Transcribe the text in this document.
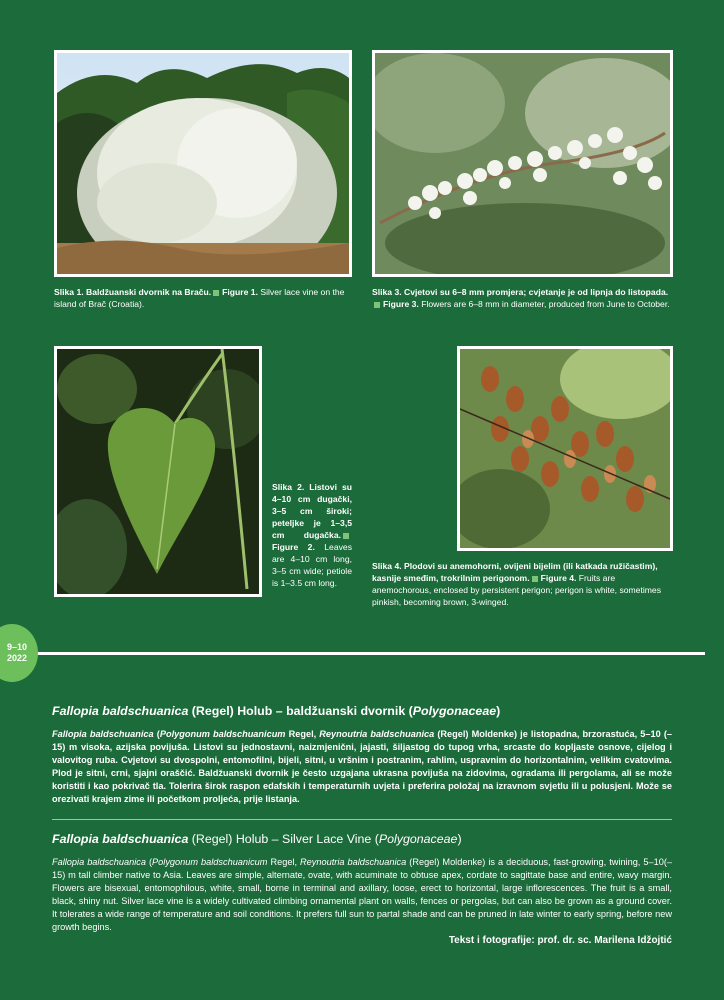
Slika 1. Baldžuanski dvornik na Braču. Figure 1. Silver lace vine on the island of Brač (Croatia).
Slika 3. Cvjetovi su 6–8 mm promjera; cvjetanje je od lipnja do listopada.Figure 3. Flowers are 6–8 mm in diameter, produced from June to October.
Slika 2. Listovi su 4–10 cm dugački, 3–5 cm široki; peteljke je 1–3,5 cm dugačka.Figure 2. Leaves are 4–10 cm long, 3–5 cm wide; petiole is 1–3.5 cm long.
Slika 4. Plodovi su anemohorni, ovijeni bijelim (ili katkada ružičastim), kasnije smeđim, trokrilnim perigonom. Figure 4. Fruits are anemochorous, enclosed by persistent perigon; perigon is white, sometimes pinkish, becoming brown, 3-winged.
9–10
2022
Fallopia baldschuanica (Regel) Holub – baldžuanski dvornik (Polygonaceae)
Fallopia baldschuanica (Polygonum baldschuanicum Regel, Reynoutria baldschuanica (Regel) Moldenke) je listopadna, brzorastuća, 5–10 (–15) m visoka, azijska povijuša. Listovi su jednostavni, naizmjenični, jajasti, šiljastog do tupog vrha, srcaste do kopljaste osnove, cijelog i valovitog ruba. Cvjetovi su dvospolni, entomofilni, bijeli, sitni, u vršnim i postranim, rahlim, uspravnim do horizontalnim, velikim cvatovima. Plod je sitni, crni, sjajni oraščić. Baldžuanski dvornik je često uzgajana ukrasna povijuša na zidovima, ogradama ili pergolama, ali se može koristiti i kao pokrivač tla. Tolerira širok raspon edafskih i temperaturnih uvjeta i preferira položaj na izravnom svjetlu ili u polusjeni. Može se orezivati krajem zime ili početkom proljeća, prije listanja.
Fallopia baldschuanica (Regel) Holub – Silver Lace Vine (Polygonaceae)
Fallopia baldschuanica (Polygonum baldschuanicum Regel, Reynoutria baldschuanica (Regel) Moldenke) is a deciduous, fast-growing, twining, 5–10(–15) m tall climber native to Asia. Leaves are simple, alternate, ovate, with acuminate to obtuse apex, cordate to sagittate base and entire, wavy margin. Flowers are bisexual, entomophilous, white, small, borne in terminal and axillary, loose, erect to horizontal, large inflorescences. The fruit is a small, black, shiny nut. Silver lace vine is a widely cultivated climbing ornamental plant on walls, fences or pergolas, but can also be grown as a ground cover. It tolerates a wide range of temperature and soil conditions. It prefers full sun to partal shade and can be pruned in late winter to early spring, before new growth begins.
Tekst i fotografije: prof. dr. sc. Marilena Idžojtić
